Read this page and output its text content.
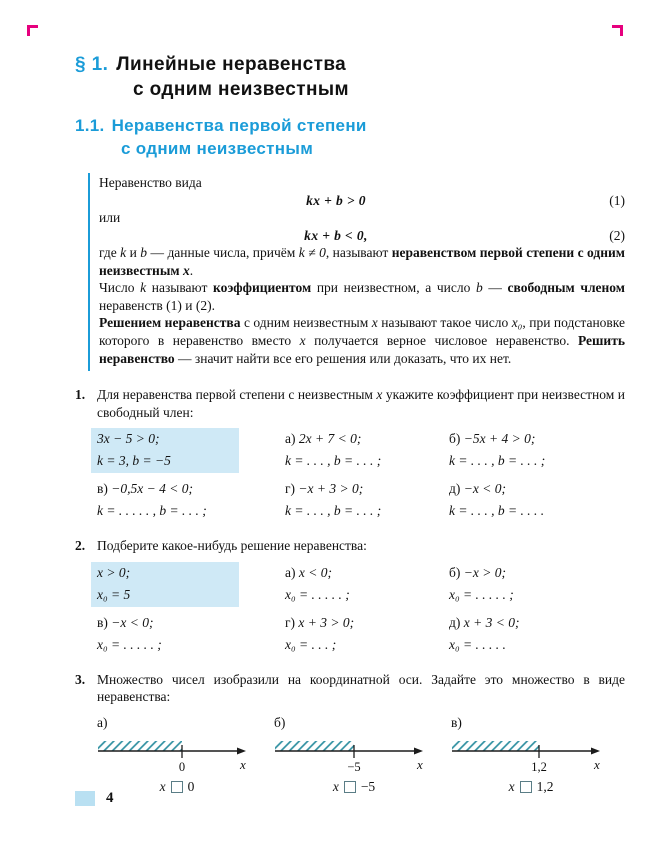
§ 1. Линейные неравенства
с одним неизвестным
1.1. Неравенства первой степени
с одним неизвестным
Неравенство вида
kx + b > 0	(1)
или
kx + b < 0,	(2)

где k и b — данные числа, причём k ≠ 0, называют неравенством первой степени с одним неизвестным x.

Число k называют коэффициентом при неизвестном, а число b — свободным членом неравенств (1) и (2).

Решением неравенства с одним неизвестным x называют такое число x₀, при подстановке которого в неравенство вместо x получается верное числовое неравенство. Решить неравенство — значит найти все его решения или доказать, что их нет.

1. Для неравенства первой степени с неизвестным x укажите коэффициент при неизвестном и свободный член:
3x − 5 > 0;
k = 3, b = −5
а) 2x + 7 < 0;
k = . . . , b = . . . ;
б) −5x + 4 > 0;
k = . . . , b = . . . ;
в) −0,5x − 4 < 0;
k = . . . . . , b = . . . ;
г) −x + 3 > 0;
k = . . . , b = . . . ;
д) −x < 0;
k = . . . , b = . . . .
2. Подберите какое-нибудь решение неравенства:
x > 0;
x₀ = 5
а) x < 0;
x₀ = . . . . . ;
б) −x > 0;
x₀ = . . . . . ;
в) −x < 0;
x₀ = . . . . . ;
г) x + 3 > 0;
x₀ = . . . ;
д) x + 3 < 0;
x₀ = . . . . .
3. Множество чисел изобразили на координатной оси. Задайте это множество в виде неравенства:
а)
0	x
x 0
б)
−5	x
x −5
в)
1,2	x
x 1,2
4
